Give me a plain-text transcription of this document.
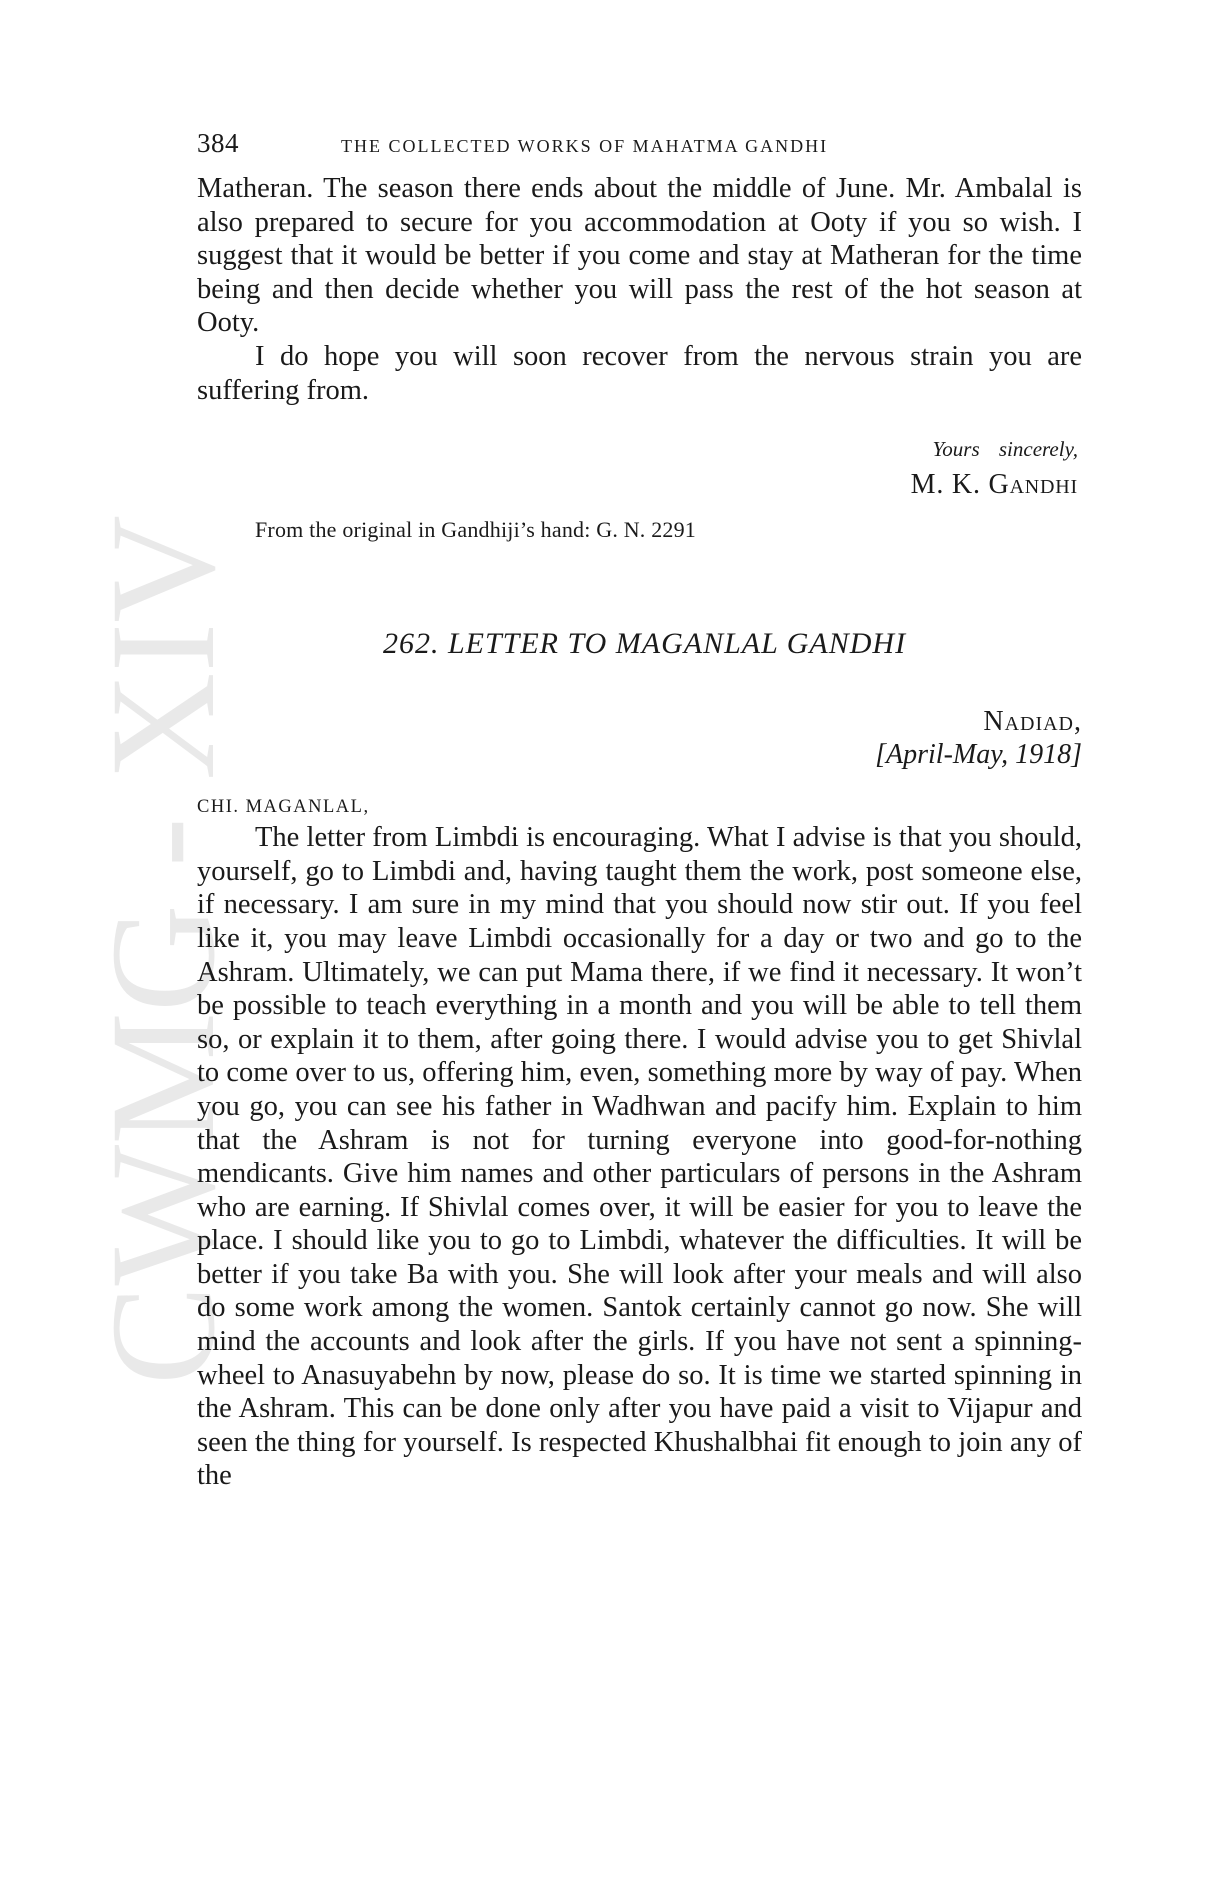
CWMG - XIV
384	THE COLLECTED WORKS OF MAHATMA GANDHI

Matheran. The season there ends about the middle of June. Mr. Ambalal is also prepared to secure for you accommodation at Ooty if you so wish. I suggest that it would be better if you come and stay at Matheran for the time being and then decide whether you will pass the rest of the hot season at Ooty.

I do hope you will soon recover from the nervous strain you are suffering from.

Yours sincerely,
M. K. Gandhi
From the original in Gandhiji’s hand: G. N. 2291
262. LETTER TO MAGANLAL GANDHI
Nadiad,
[April-May, 1918]
CHI. MAGANLAL,

The letter from Limbdi is encouraging. What I advise is that you should, yourself, go to Limbdi and, having taught them the work, post someone else, if necessary. I am sure in my mind that you should now stir out. If you feel like it, you may leave Limbdi occasionally for a day or two and go to the Ashram. Ultimately, we can put Mama there, if we find it necessary. It won’t be possible to teach everything in a month and you will be able to tell them so, or explain it to them, after going there. I would advise you to get Shivlal to come over to us, offering him, even, something more by way of pay. When you go, you can see his father in Wadhwan and pacify him. Explain to him that the Ashram is not for turning everyone into good-for-nothing mendicants. Give him names and other particulars of persons in the Ashram who are earning. If Shivlal comes over, it will be easier for you to leave the place. I should like you to go to Limbdi, whatever the difficulties. It will be better if you take Ba with you. She will look after your meals and will also do some work among the women. Santok certainly cannot go now. She will mind the accounts and look after the girls. If you have not sent a spinning-wheel to Anasuyabehn by now, please do so. It is time we started spinning in the Ashram. This can be done only after you have paid a visit to Vijapur and seen the thing for yourself. Is respected Khushalbhai fit enough to join any of the
